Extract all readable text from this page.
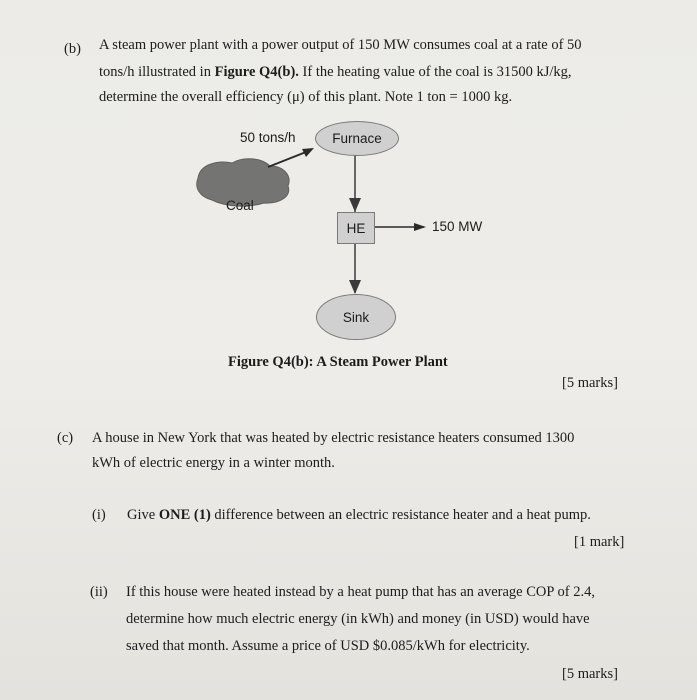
(b) A steam power plant with a power output of 150 MW consumes coal at a rate of 50
tons/h illustrated in Figure Q4(b). If the heating value of the coal is 31500 kJ/kg,
determine the overall efficiency (μ) of this plant. Note 1 ton = 1000 kg.
50 tons/h	Furnace
Coal
HE	150 MW
Sink
Figure Q4(b): A Steam Power Plant
[5 marks]
(c) A house in New York that was heated by electric resistance heaters consumed 1300
kWh of electric energy in a winter month.
(i) Give ONE (1) difference between an electric resistance heater and a heat pump.
[1 mark]
(ii) If this house were heated instead by a heat pump that has an average COP of 2.4,
determine how much electric energy (in kWh) and money (in USD) would have
saved that month. Assume a price of USD $0.085/kWh for electricity.
[5 marks]
